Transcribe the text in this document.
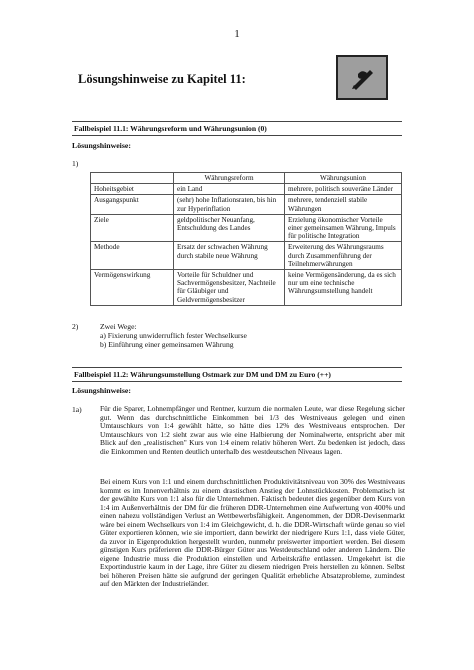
1
Lösungshinweise zu Kapitel 11:
Fallbeispiel 11.1: Währungsreform und Währungsunion (0)
Lösungshinweise:
1)
	Währungsreform	Währungsunion
Hoheitsgebiet	ein Land	mehrere, politisch souveräne Länder
Ausgangspunkt	(sehr) hohe Inflationsraten, bis hin zur Hyperinflation	mehrere, tendenziell stabile Währungen
Ziele	geldpolitischer Neuanfang, Entschuldung des Landes	Erzielung ökonomischer Vorteile einer gemeinsamen Währung, Impuls für politische Integration
Methode	Ersatz der schwachen Währung durch stabile neue Währung	Erweiterung des Währungsraums durch Zusammenführung der Teilnehmerwährungen
Vermögenswirkung	Vorteile für Schuldner und Sachvermögensbesitzer, Nachteile für Gläubiger und Geldvermögensbesitzer	keine Vermögensänderung, da es sich nur um eine technische Währungsumstellung handelt
2)	Zwei Wege:
a) Fixierung unwiderruflich fester Wechselkurse
b) Einführung einer gemeinsamen Währung
Fallbeispiel 11.2: Währungsumstellung Ostmark zur DM und DM zu Euro (++)
Lösungshinweise:
1a) Für die Sparer, Lohnempfänger und Rentner, kurzum die normalen Leute, war diese Regelung sicher gut. Wenn das durchschnittliche Einkommen bei 1/3 des Westniveaus gelegen und einen Umtauschkurs von 1:4 gewählt hätte, so hätte dies 12% des Westniveaus entsprochen. Der Umtauschkurs von 1:2 sieht zwar aus wie eine Halbierung der Nominalwerte, entspricht aber mit Blick auf den „realistischen" Kurs von 1:4 einem relativ höheren Wert. Zu bedenken ist jedoch, dass die Einkommen und Renten deutlich unterhalb des westdeutschen Niveaus lagen.
Bei einem Kurs von 1:1 und einem durchschnittlichen Produktivitätsniveau von 30% des Westniveaus kommt es im Innenverhältnis zu einem drastischen Anstieg der Lohnstückkosten. Problematisch ist der gewählte Kurs von 1:1 also für die Unternehmen. Faktisch bedeutet dies gegenüber dem Kurs von 1:4 im Außenverhältnis der DM für die früheren DDR-Unternehmen eine Aufwertung von 400% und einen nahezu vollständigen Verlust an Wettbewerbsfähigkeit. Angenommen, der DDR-Devisenmarkt wäre bei einem Wechselkurs von 1:4 im Gleichgewicht, d. h. die DDR-Wirtschaft würde genau so viel Güter exportieren können, wie sie importiert, dann bewirkt der niedrigere Kurs 1:1, dass viele Güter, da zuvor in Eigenproduktion hergestellt wurden, nunmehr preiswerter importiert werden. Bei diesem günstigen Kurs präferieren die DDR-Bürger Güter aus Westdeutschland oder anderen Ländern. Die eigene Industrie muss die Produktion einstellen und Arbeitskräfte entlassen. Umgekehrt ist die Exportindustrie kaum in der Lage, ihre Güter zu diesem niedrigen Preis herstellen zu können. Selbst bei höheren Preisen hätte sie aufgrund der geringen Qualität erhebliche Absatzprobleme, zumindest auf den Märkten der Industrieländer.
